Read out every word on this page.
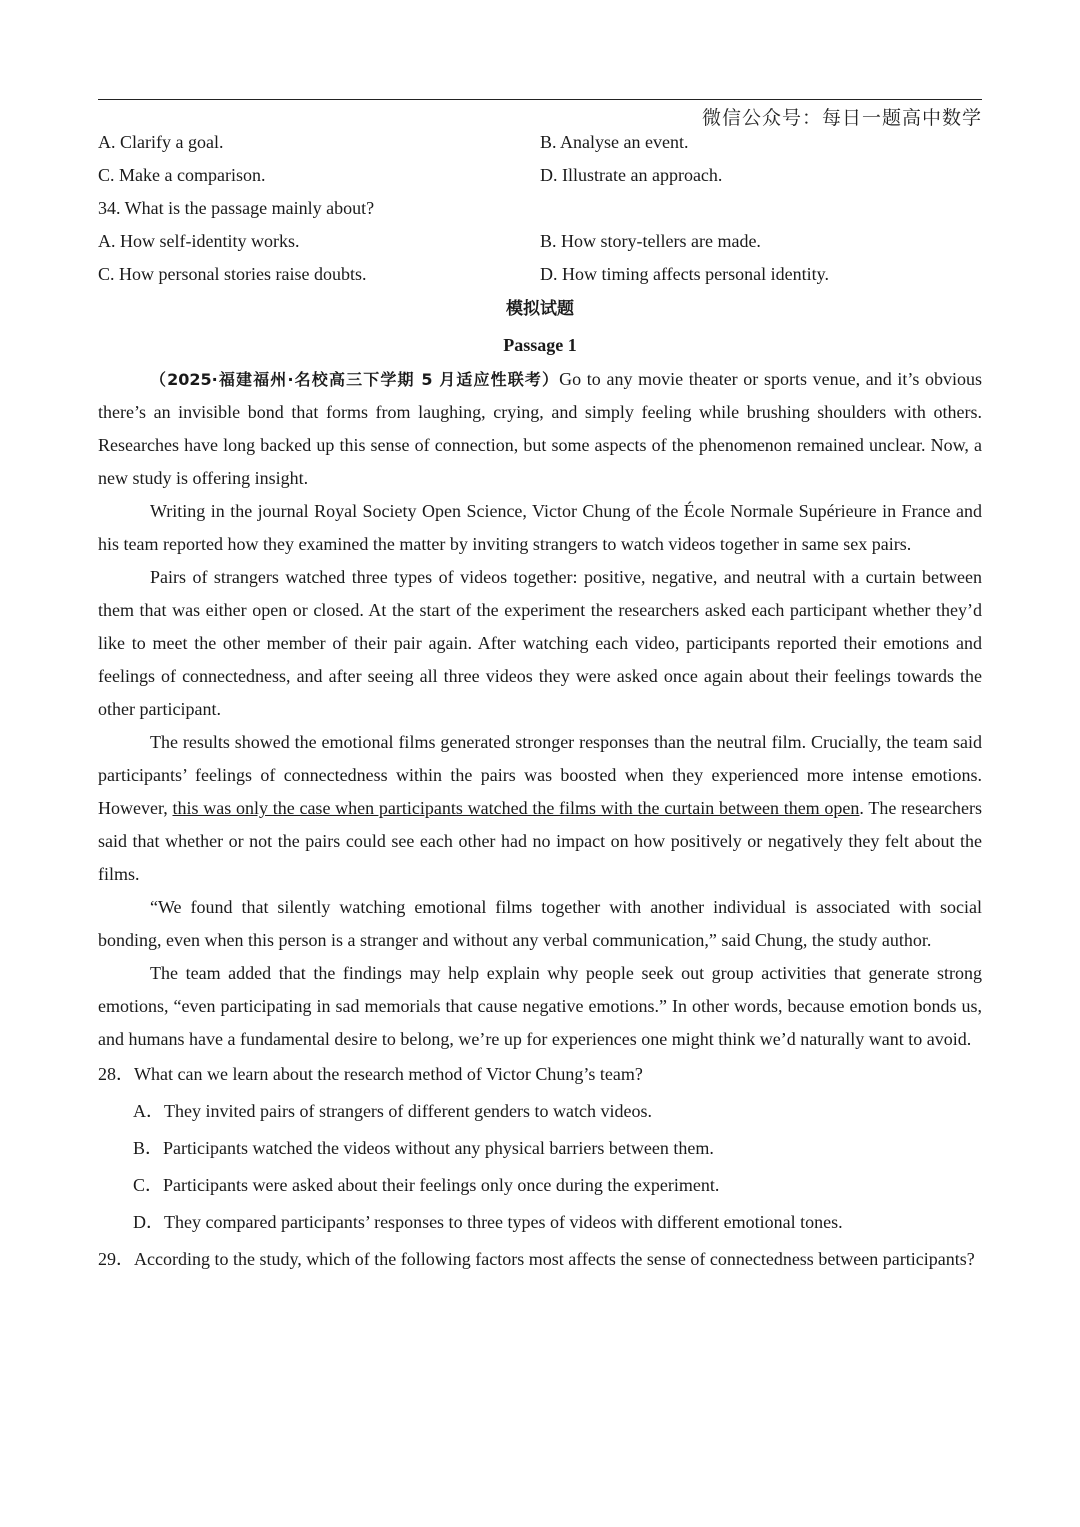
微信公众号：每日一题高中数学
A. Clarify a goal.	B. Analyse an event.
C. Make a comparison.	D. Illustrate an approach.
34. What is the passage mainly about?
A. How self-identity works.	B. How story-tellers are made.
C. How personal stories raise doubts.	D. How timing affects personal identity.
模拟试题
Passage 1

（2025·福建福州·名校高三下学期 5 月适应性联考）Go to any movie theater or sports venue, and it’s obvious there’s an invisible bond that forms from laughing, crying, and simply feeling while brushing shoulders with others. Researches have long backed up this sense of connection, but some aspects of the phenomenon remained unclear. Now, a new study is offering insight.

Writing in the journal Royal Society Open Science, Victor Chung of the École Normale Supérieure in France and his team reported how they examined the matter by inviting strangers to watch videos together in same sex pairs.

Pairs of strangers watched three types of videos together: positive, negative, and neutral with a curtain between them that was either open or closed. At the start of the experiment the researchers asked each participant whether they’d like to meet the other member of their pair again. After watching each video, participants reported their emotions and feelings of connectedness, and after seeing all three videos they were asked once again about their feelings towards the other participant.

The results showed the emotional films generated stronger responses than the neutral film. Crucially, the team said participants’ feelings of connectedness within the pairs was boosted when they experienced more intense emotions. However, this was only the case when participants watched the films with the curtain between them open. The researchers said that whether or not the pairs could see each other had no impact on how positively or negatively they felt about the films.

“We found that silently watching emotional films together with another individual is associated with social bonding, even when this person is a stranger and without any verbal communication,” said Chung, the study author.

The team added that the findings may help explain why people seek out group activities that generate strong emotions, “even participating in sad memorials that cause negative emotions.” In other words, because emotion bonds us, and humans have a fundamental desire to belong, we’re up for experiences one might think we’d naturally want to avoid.

28．What can we learn about the research method of Victor Chung’s team?

A．They invited pairs of strangers of different genders to watch videos.

B．Participants watched the videos without any physical barriers between them.

C．Participants were asked about their feelings only once during the experiment.

D．They compared participants’ responses to three types of videos with different emotional tones.

29．According to the study, which of the following factors most affects the sense of connectedness between participants?
